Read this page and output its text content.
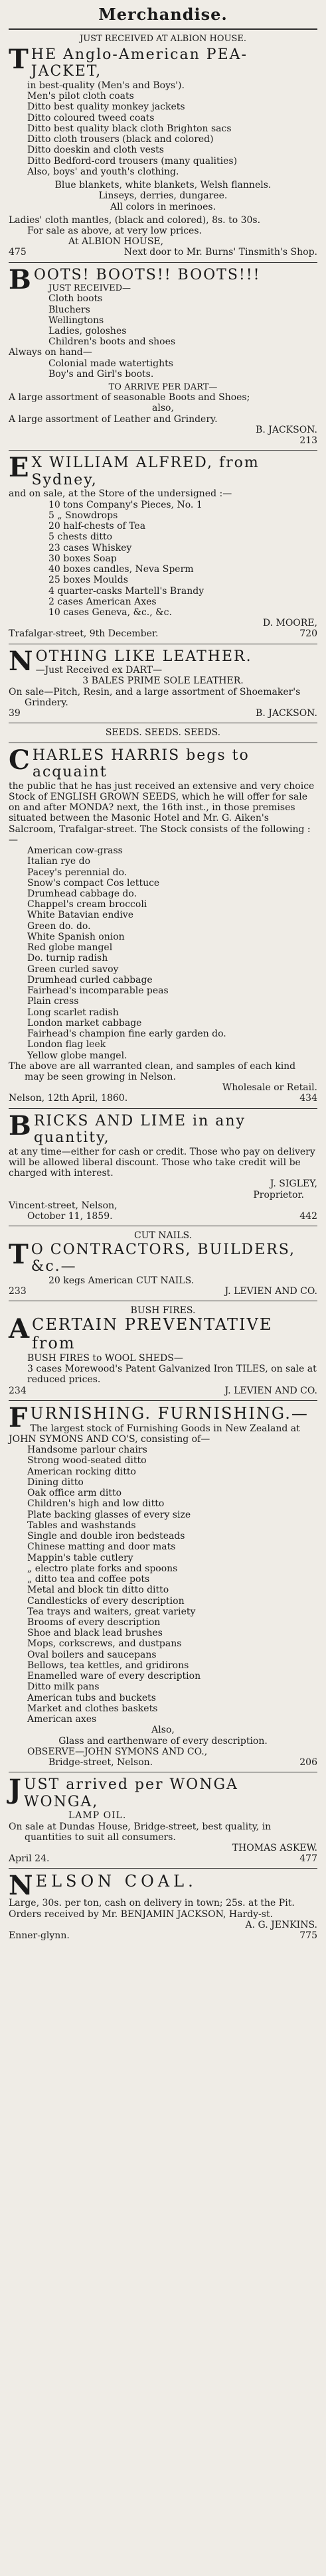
Merchandise.
JUST RECEIVED AT ALBION HOUSE.
T HE Anglo-American PEA-JACKET,
in best-quality (Men's and Boys').
Men's pilot cloth coats
Ditto best quality monkey jackets
Ditto coloured tweed coats
Ditto best quality black cloth Brighton sacs
Ditto cloth trousers (black and colored)
Ditto doeskin and cloth vests
Ditto Bedford-cord trousers (many qualities)
Also, boys' and youth's clothing.
Blue blankets, white blankets, Welsh flannels.
Linseys, derries, dungaree.
All colors in merinoes.
Ladies' cloth mantles, (black and colored), 8s. to 30s.
For sale as above, at very low prices.
At ALBION HOUSE,
475	Next door to Mr. Burns' Tinsmith's Shop.
B OOTS! BOOTS!! BOOTS!!!
JUST RECEIVED—
Cloth boots
Bluchers
Wellingtons
Ladies, goloshes
Children's boots and shoes
Always on hand—
Colonial made watertights
Boy's and Girl's boots.
TO ARRIVE PER DART—
A large assortment of seasonable Boots and Shoes;
also,
A large assortment of Leather and Grindery.
B. JACKSON.
213
E X WILLIAM ALFRED, from Sydney,
and on sale, at the Store of the undersigned :—
10 tons Company's Pieces, No. 1
5 „ Snowdrops
20 half-chests of Tea
5 chests ditto
23 cases Whiskey
30 boxes Soap
40 boxes candles, Neva Sperm
25 boxes Moulds
4 quarter-casks Martell's Brandy
2 cases American Axes
10 cases Geneva, &c., &c.
D. MOORE,
Trafalgar-street, 9th December.	720
N OTHING LIKE LEATHER.
—Just Received ex DART—
3 BALES PRIME SOLE LEATHER.
On sale—Pitch, Resin, and a large assortment of Shoemaker's Grindery.
39	B. JACKSON.
SEEDS. SEEDS. SEEDS.
C HARLES HARRIS begs to acquaint
the public that he has just received an extensive and very choice Stock of ENGLISH GROWN SEEDS, which he will offer for sale on and after MONDA? next, the 16th inst., in those premises situated between the Masonic Hotel and Mr. G. Aiken's Salcroom, Trafalgar-street. The Stock consists of the following :—
American cow-grass
Italian rye do
Pacey's perennial do.
Snow's compact Cos lettuce
Drumhead cabbage do.
Chappel's cream broccoli
White Batavian endive
Green do. do.
White Spanish onion
Red globe mangel
Do. turnip radish
Green curled savoy
Drumhead curled cabbage
Fairhead's incomparable peas
Plain cress
Long scarlet radish
London market cabbage
Fairhead's champion fine early garden do.
London flag leek
Yellow globe mangel.
The above are all warranted clean, and samples of each kind may be seen growing in Nelson.
Wholesale or Retail.
Nelson, 12th April, 1860.	434
B RICKS AND LIME in any quantity,
at any time—either for cash or credit. Those who pay on delivery will be allowed liberal discount. Those who take credit will be charged with interest.
J. SIGLEY,
Proprietor.
Vincent-street, Nelson,
October 11, 1859.	442
CUT NAILS.
T O CONTRACTORS, BUILDERS, &c.—
20 kegs American CUT NAILS.
233	J. LEVIEN AND CO.
BUSH FIRES.
A CERTAIN PREVENTATIVE from
BUSH FIRES to WOOL SHEDS—
3 cases Morewood's Patent Galvanized Iron TILES, on sale at reduced prices.
234	J. LEVIEN AND CO.
F URNISHING. FURNISHING.—
The largest stock of Furnishing Goods in New Zealand at JOHN SYMONS AND CO'S, consisting of—
Handsome parlour chairs
Strong wood-seated ditto
American rocking ditto
Dining ditto
Oak office arm ditto
Children's high and low ditto
Plate backing glasses of every size
Tables and washstands
Single and double iron bedsteads
Chinese matting and door mats
Mappin's table cutlery
„ electro plate forks and spoons
„ ditto tea and coffee pots
Metal and block tin ditto ditto
Candlesticks of every description
Tea trays and waiters, great variety
Brooms of every description
Shoe and black lead brushes
Mops, corkscrews, and dustpans
Oval boilers and saucepans
Bellows, tea kettles, and gridirons
Enamelled ware of every description
Ditto milk pans
American tubs and buckets
Market and clothes baskets
American axes
Also,
Glass and earthenware of every description.
OBSERVE—JOHN SYMONS AND CO.,
Bridge-street, Nelson.	206
J UST arrived per WONGA WONGA,
LAMP OIL.
On sale at Dundas House, Bridge-street, best quality, in quantities to suit all consumers.
THOMAS ASKEW.
April 24.	477
N ELSON COAL.
Large, 30s. per ton, cash on delivery in town; 25s. at the Pit.
Orders received by Mr. BENJAMIN JACKSON, Hardy-st.
A. G. JENKINS.
Enner-glynn.	775
